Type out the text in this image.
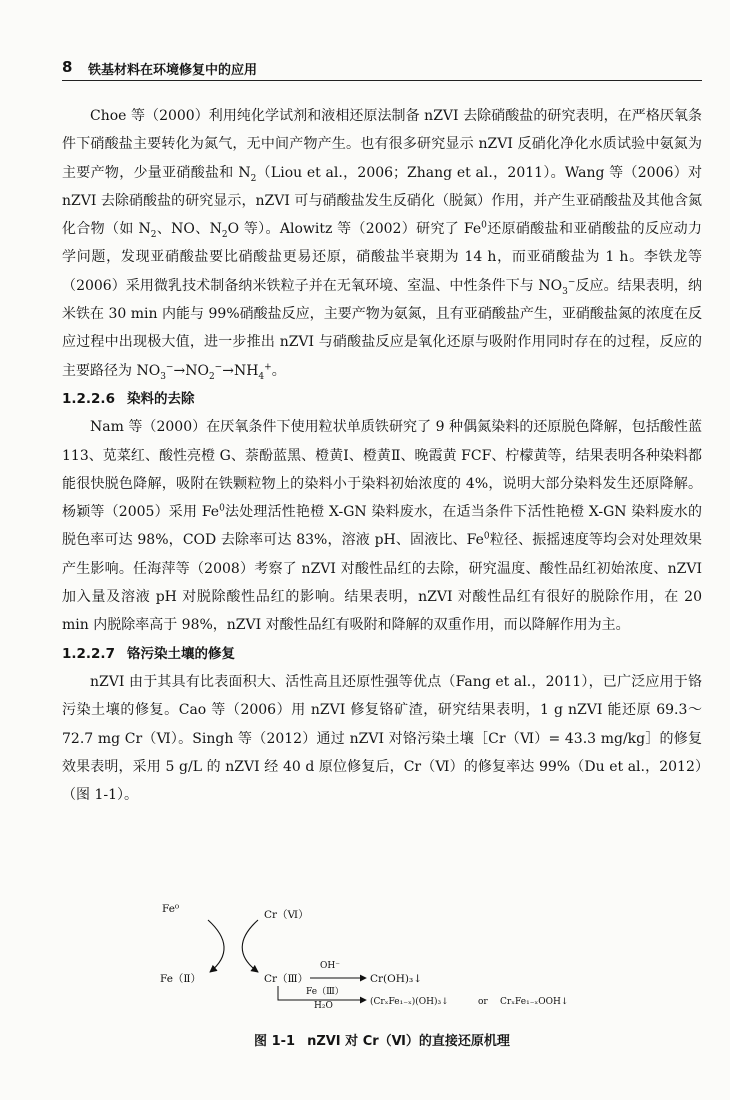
8 铁基材料在环境修复中的应用

Choe 等（2000）利用纯化学试剂和液相还原法制备 nZVI 去除硝酸盐的研究表明，在严格厌氧条件下硝酸盐主要转化为氮气，无中间产物产生。也有很多研究显示 nZVI 反硝化净化水质试验中氨氮为主要产物，少量亚硝酸盐和 $N_2(Liou$ et al.，2006；Zhang et al.，2011）。Wang 等（2006）对 nZVI 去除硝酸盐的研究显示，nZVI 可与硝酸盐发生反硝化（脱氮）作用，并产生亚硝酸盐及其他含氮化合物（如 $N_2$、NO、$N_2O$ 等）。Alowitz 等（2002）研究了 Fe$^0$还原硝酸盐和亚硝酸盐的反应动力学问题，发现亚硝酸盐要比硝酸盐更易还原，硝酸盐半衰期为 14 h，而亚硝酸盐为 1 h。李铁龙等（2006）采用微乳技术制备纳米铁粒子并在无氧环境、室温、中性条件下与 $NO_3^-$反应。结果表明，纳米铁在 30 min 内能与 99%硝酸盐反应，主要产物为氨氮，且有亚硝酸盐产生，亚硝酸盐氮的浓度在反应过程中出现极大值，进一步推出 nZVI 与硝酸盐反应是氧化还原与吸附作用同时存在的过程，反应的主要路径为 $NO_3^-\to NO_2^-\to NH_4^+$。

1.2.2.6 染料的去除

Nam 等（2000）在厌氧条件下使用粒状单质铁研究了 9 种偶氮染料的还原脱色降解，包括酸性蓝 113、苋菜红、酸性亮橙 G、萘酚蓝黑、橙黄Ⅰ、橙黄Ⅱ、晚霞黄 FCF、柠檬黄等，结果表明各种染料都能很快脱色降解，吸附在铁颗粒物上的染料小于染料初始浓度的 4%，说明大部分染料发生还原降解。杨颖等（2005）采用 Fe$^0$法处理活性艳橙 X-GN 染料废水，在适当条件下活性艳橙 X-GN 染料废水的脱色率可达 98%，COD 去除率可达 83%，溶液 pH、固液比、Fe$^0$粒径、振摇速度等均会对处理效果产生影响。任海萍等（2008）考察了 nZVI 对酸性品红的去除，研究温度、酸性品红初始浓度、nZVI 加入量及溶液 pH 对脱除酸性品红的影响。结果表明，nZVI 对酸性品红有很好的脱除作用，在 20 min 内脱除率高于 98%，nZVI 对酸性品红有吸附和降解的双重作用，而以降解作用为主。

1.2.2.7 铬污染土壤的修复

nZVI 由于其具有比表面积大、活性高且还原性强等优点（Fang et al.，2011），已广泛应用于铬污染土壤的修复。Cao 等（2006）用 nZVI 修复铬矿渣，研究结果表明，1 g nZVI 能还原 69.3～72.7 mg Cr（Ⅵ）。Singh 等（2012）通过 nZVI 对铬污染土壤［Cr（Ⅵ）= 43.3 mg/kg］的修复效果表明，采用 5 g/L 的 nZVI 经 40 d 原位修复后，Cr（Ⅵ）的修复率达 99%（Du et al.，2012）（图 1-1）。

Fe⁰	Cr（Ⅵ）
Fe（Ⅱ）	Cr（Ⅲ）
OH⁻
Cr(OH)₃↓
Fe（Ⅲ）
H₂O	(CrₓFe₁₋ₓ)(OH)₃↓	or CrₓFe₁₋ₓOOH↓
图 1-1 nZVI 对 Cr（Ⅵ）的直接还原机理
